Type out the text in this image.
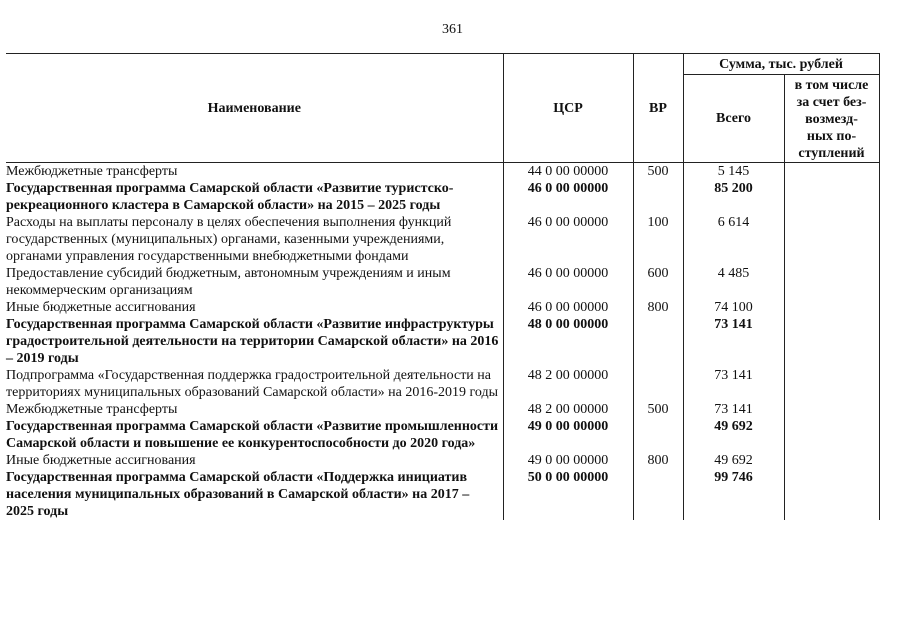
361
Наименование	ЦСР	ВР	Сумма, тыс. рублей	
			Всего	в том числе
за счет без-
возмезд-
ных по-
ступлений

Межбюджетные трансферты	44 0 00 00000	500	5 145	
Государственная программа Самарской области «Развитие туристско-рекреационного кластера в Самарской области» на 2015 – 2025 годы	46 0 00 00000		85 200	
Расходы на выплаты персоналу в целях обеспечения выполнения функций государственных (муниципальных) органами, казенными учреждениями, органами управления государственными внебюджетными фондами	46 0 00 00000	100	6 614	
Предоставление субсидий бюджетным, автономным учреждениям и иным некоммерческим организациям	46 0 00 00000	600	4 485	
Иные бюджетные ассигнования	46 0 00 00000	800	74 100	
Государственная программа Самарской области «Развитие инфраструктуры градостроительной деятельности на территории Самарской области» на 2016 – 2019 годы	48 0 00 00000		73 141	
Подпрограмма «Государственная поддержка градостроительной деятельности на территориях муниципальных образований Самарской области» на 2016-2019 годы	48 2 00 00000		73 141	
Межбюджетные трансферты	48 2 00 00000	500	73 141	
Государственная программа Самарской области «Развитие промышленности Самарской области и повышение ее конкурентоспособности до 2020 года»	49 0 00 00000		49 692	
Иные бюджетные ассигнования	49 0 00 00000	800	49 692	
Государственная программа Самарской области «Поддержка инициатив населения муниципальных образований в Самарской области» на 2017 – 2025 годы	50 0 00 00000		99 746	
